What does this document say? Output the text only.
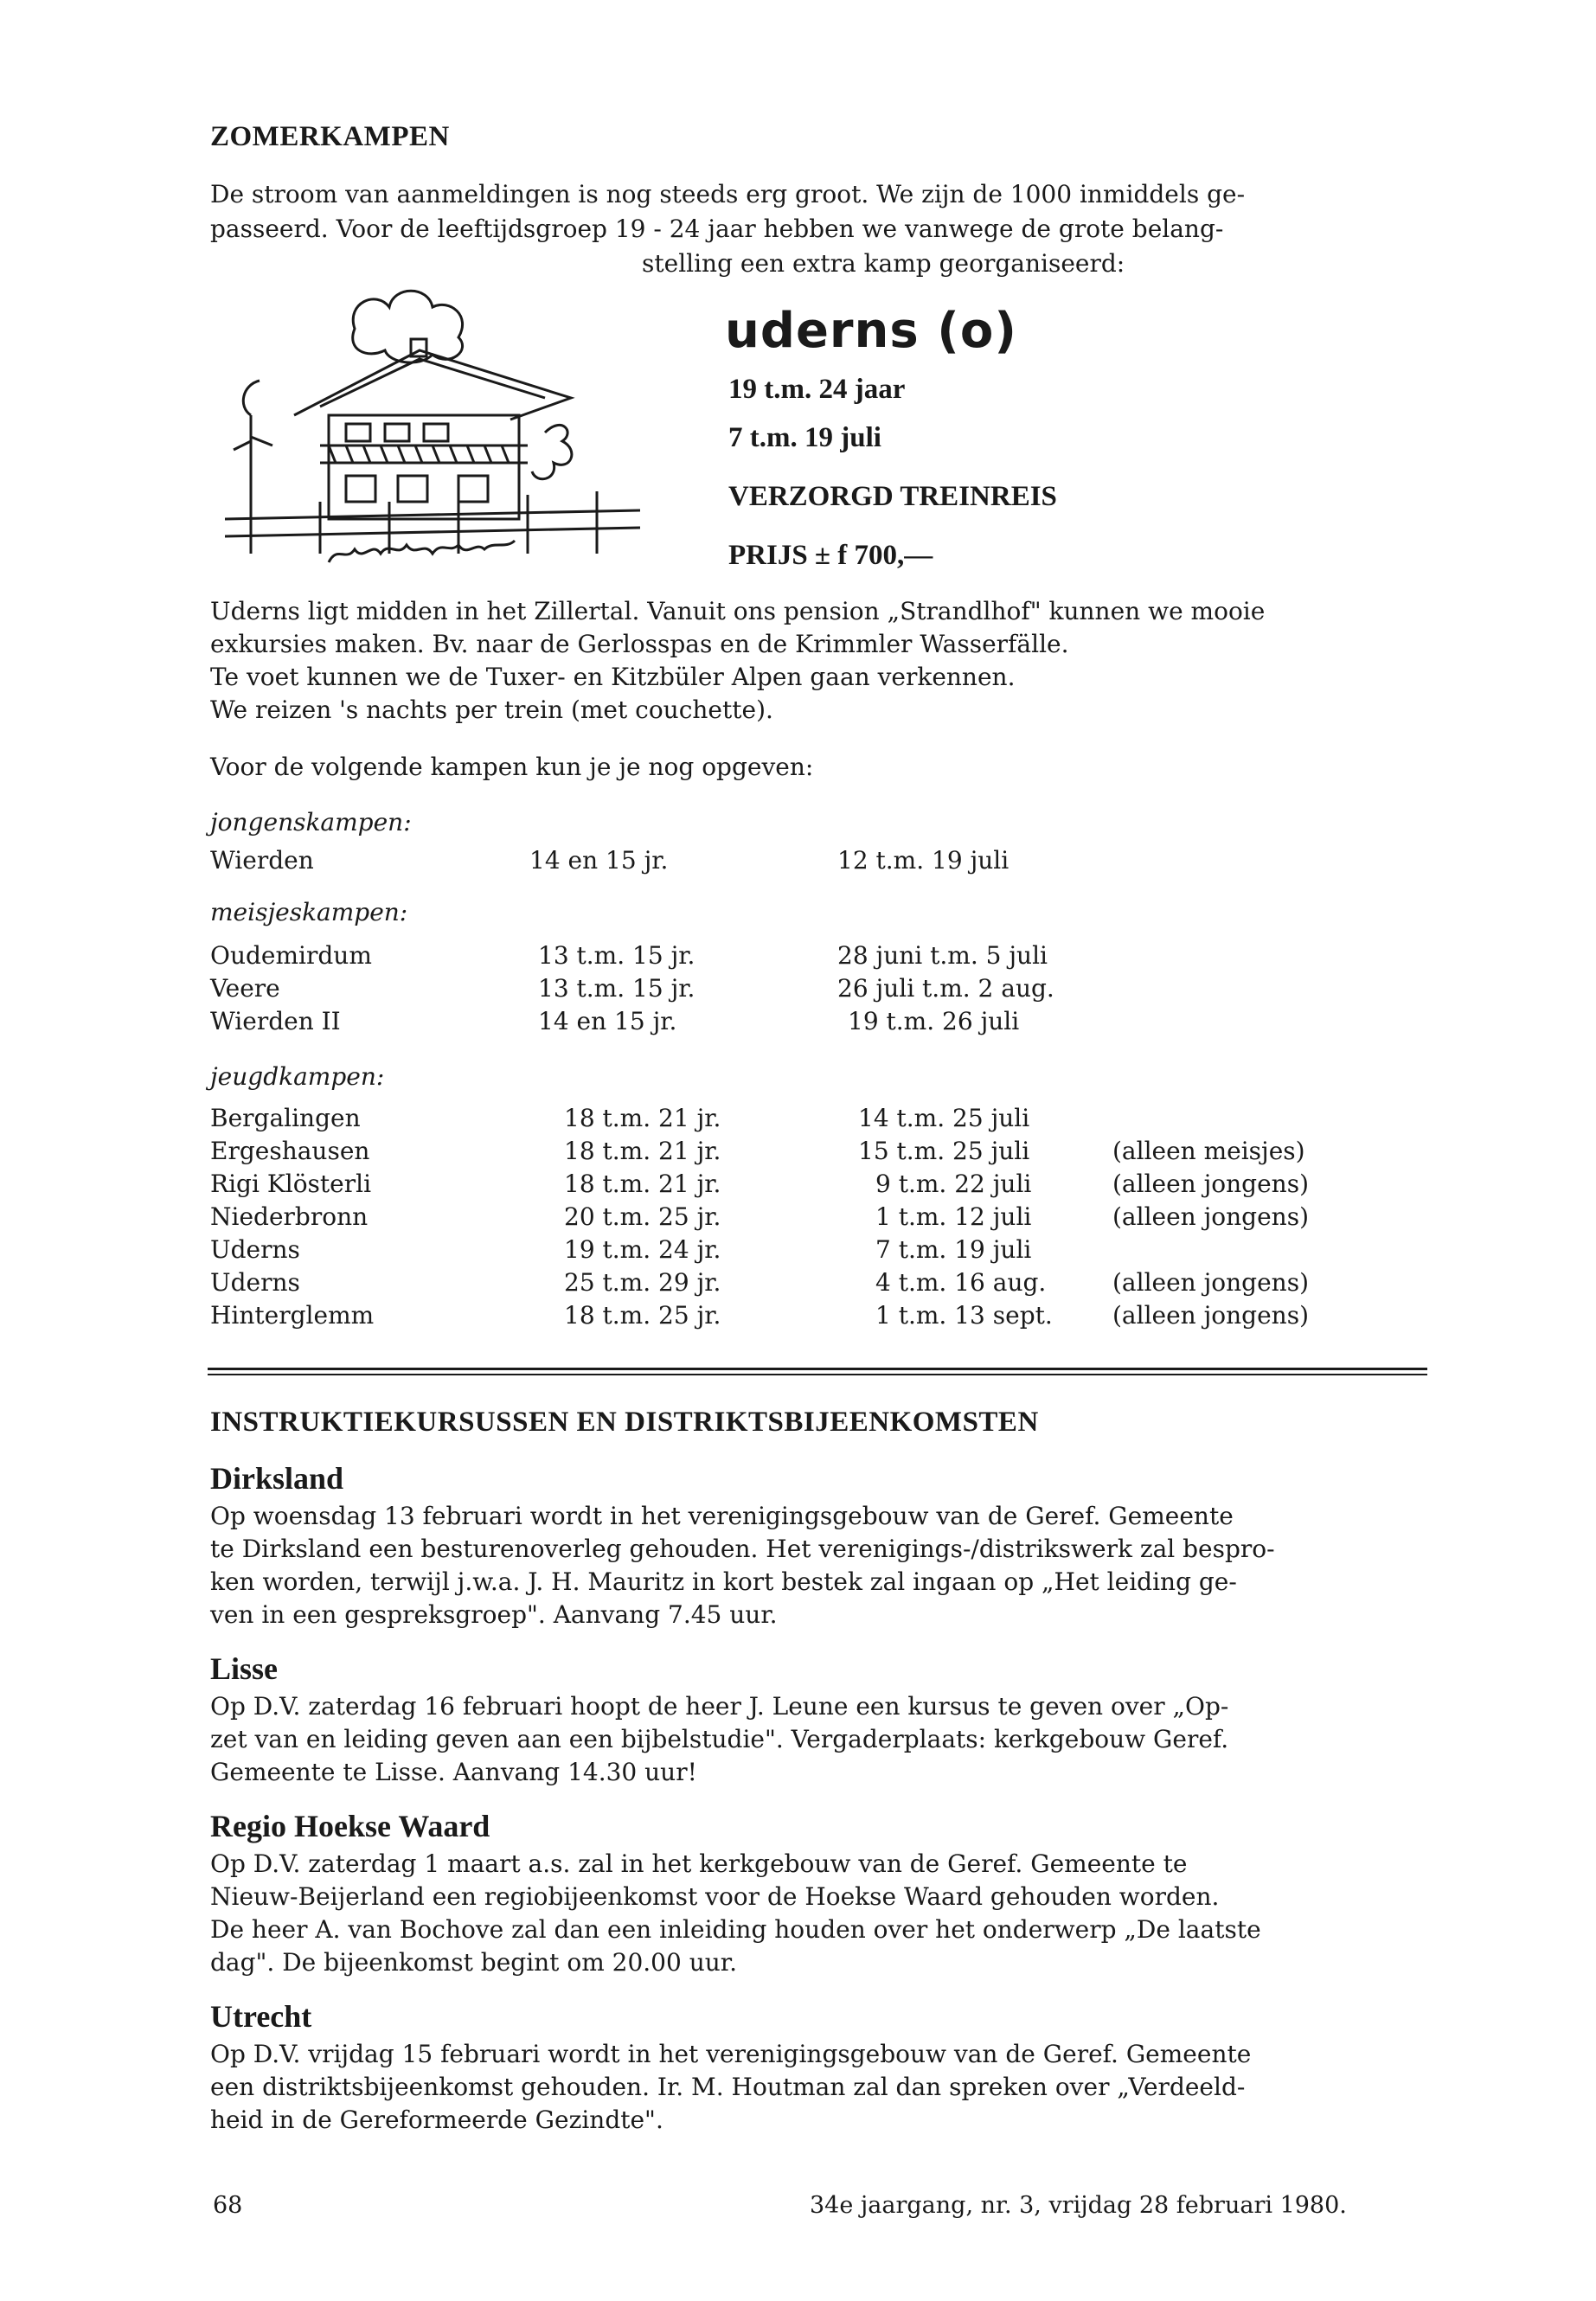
ZOMERKAMPEN
De stroom van aanmeldingen is nog steeds erg groot. We zijn de 1000 inmiddels ge-
passeerd. Voor de leeftijdsgroep 19 - 24 jaar hebben we vanwege de grote belang-
stelling een extra kamp georganiseerd:
uderns (o)
19 t.m. 24 jaar
7 t.m. 19 juli
VERZORGD TREINREIS
PRIJS ± f 700,—
Uderns ligt midden in het Zillertal. Vanuit ons pension „Strandlhof" kunnen we mooie
exkursies maken. Bv. naar de Gerlosspas en de Krimmler Wasserfälle.
Te voet kunnen we de Tuxer- en Kitzbüler Alpen gaan verkennen.
We reizen 's nachts per trein (met couchette).
Voor de volgende kampen kun je je nog opgeven:
jongenskampen:
Wierden	14 en 15 jr.	12 t.m. 19 juli
meisjeskampen:
Oudemirdum	13 t.m. 15 jr.	28 juni t.m. 5 juli
Veere	13 t.m. 15 jr.	26 juli t.m. 2 aug.
Wierden II	14 en 15 jr.	19 t.m. 26 juli
jeugdkampen:
Bergalingen	18 t.m. 21 jr.	14 t.m. 25 juli
Ergeshausen	18 t.m. 21 jr.	15 t.m. 25 juli	(alleen meisjes)
Rigi Klösterli	18 t.m. 21 jr.	9 t.m. 22 juli	(alleen jongens)
Niederbronn	20 t.m. 25 jr.	1 t.m. 12 juli	(alleen jongens)
Uderns	19 t.m. 24 jr.	7 t.m. 19 juli
Uderns	25 t.m. 29 jr.	4 t.m. 16 aug.	(alleen jongens)
Hinterglemm	18 t.m. 25 jr.	1 t.m. 13 sept. (alleen jongens)
INSTRUKTIEKURSUSSEN EN DISTRIKTSBIJEENKOMSTEN
Dirksland
Op woensdag 13 februari wordt in het verenigingsgebouw van de Geref. Gemeente
te Dirksland een besturenoverleg gehouden. Het verenigings-/distrikswerk zal bespro-
ken worden, terwijl j.w.a. J. H. Mauritz in kort bestek zal ingaan op „Het leiding ge-
ven in een gespreksgroep". Aanvang 7.45 uur.
Lisse
Op D.V. zaterdag 16 februari hoopt de heer J. Leune een kursus te geven over „Op-
zet van en leiding geven aan een bijbelstudie". Vergaderplaats: kerkgebouw Geref.
Gemeente te Lisse. Aanvang 14.30 uur!
Regio Hoekse Waard
Op D.V. zaterdag 1 maart a.s. zal in het kerkgebouw van de Geref. Gemeente te
Nieuw-Beijerland een regiobijeenkomst voor de Hoekse Waard gehouden worden.
De heer A. van Bochove zal dan een inleiding houden over het onderwerp „De laatste
dag". De bijeenkomst begint om 20.00 uur.
Utrecht
Op D.V. vrijdag 15 februari wordt in het verenigingsgebouw van de Geref. Gemeente
een distriktsbijeenkomst gehouden. Ir. M. Houtman zal dan spreken over „Verdeeld-
heid in de Gereformeerde Gezindte".
68	34e jaargang, nr. 3, vrijdag 28 februari 1980.
